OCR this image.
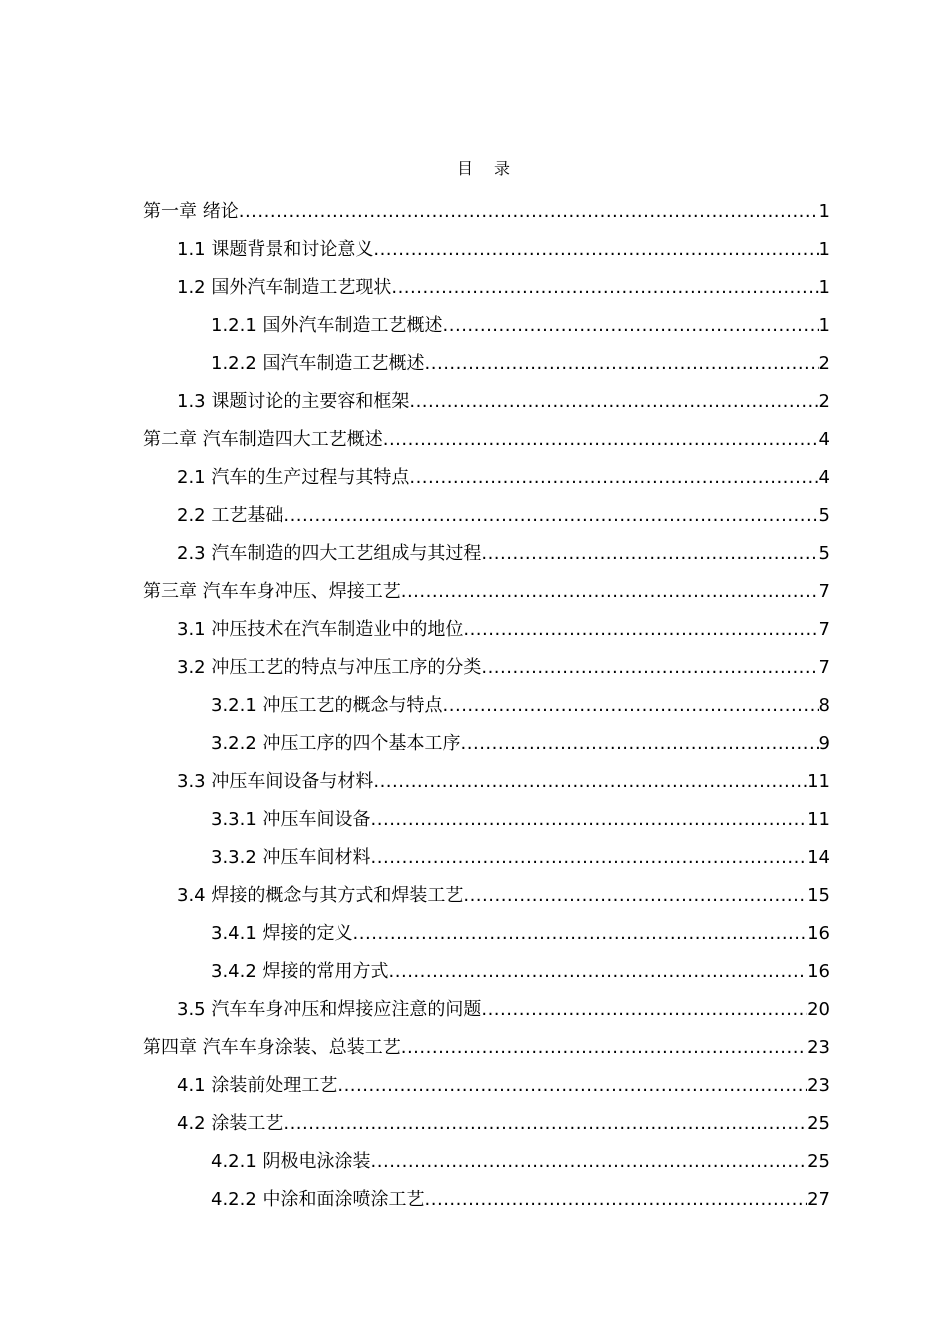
目 录
第一章 绪论 .....	1
1.1 课题背景和讨论意义 .....	1
1.2 国外汽车制造工艺现状 .....	1
1.2.1 国外汽车制造工艺概述 .....	1
1.2.2 国汽车制造工艺概述 .....	2
1.3 课题讨论的主要容和框架 .....	2
第二章 汽车制造四大工艺概述 .....	4
2.1 汽车的生产过程与其特点 .....	4
2.2 工艺基础 .....	5
2.3 汽车制造的四大工艺组成与其过程 .....	5
第三章 汽车车身冲压、焊接工艺 .....	7
3.1 冲压技术在汽车制造业中的地位 .....	7
3.2 冲压工艺的特点与冲压工序的分类 .....	7
3.2.1 冲压工艺的概念与特点 .....	8
3.2.2 冲压工序的四个基本工序 .....	9
3.3 冲压车间设备与材料 .....	11
3.3.1 冲压车间设备 .....	11
3.3.2 冲压车间材料 .....	14
3.4 焊接的概念与其方式和焊装工艺 .....	15
3.4.1 焊接的定义 .....	16
3.4.2 焊接的常用方式 .....	16
3.5 汽车车身冲压和焊接应注意的问题 .....	20
第四章 汽车车身涂装、总装工艺 .....	23
4.1 涂装前处理工艺 .....	23
4.2 涂装工艺 .....	25
4.2.1 阴极电泳涂装 .....	25
4.2.2 中涂和面涂喷涂工艺 .....	27
